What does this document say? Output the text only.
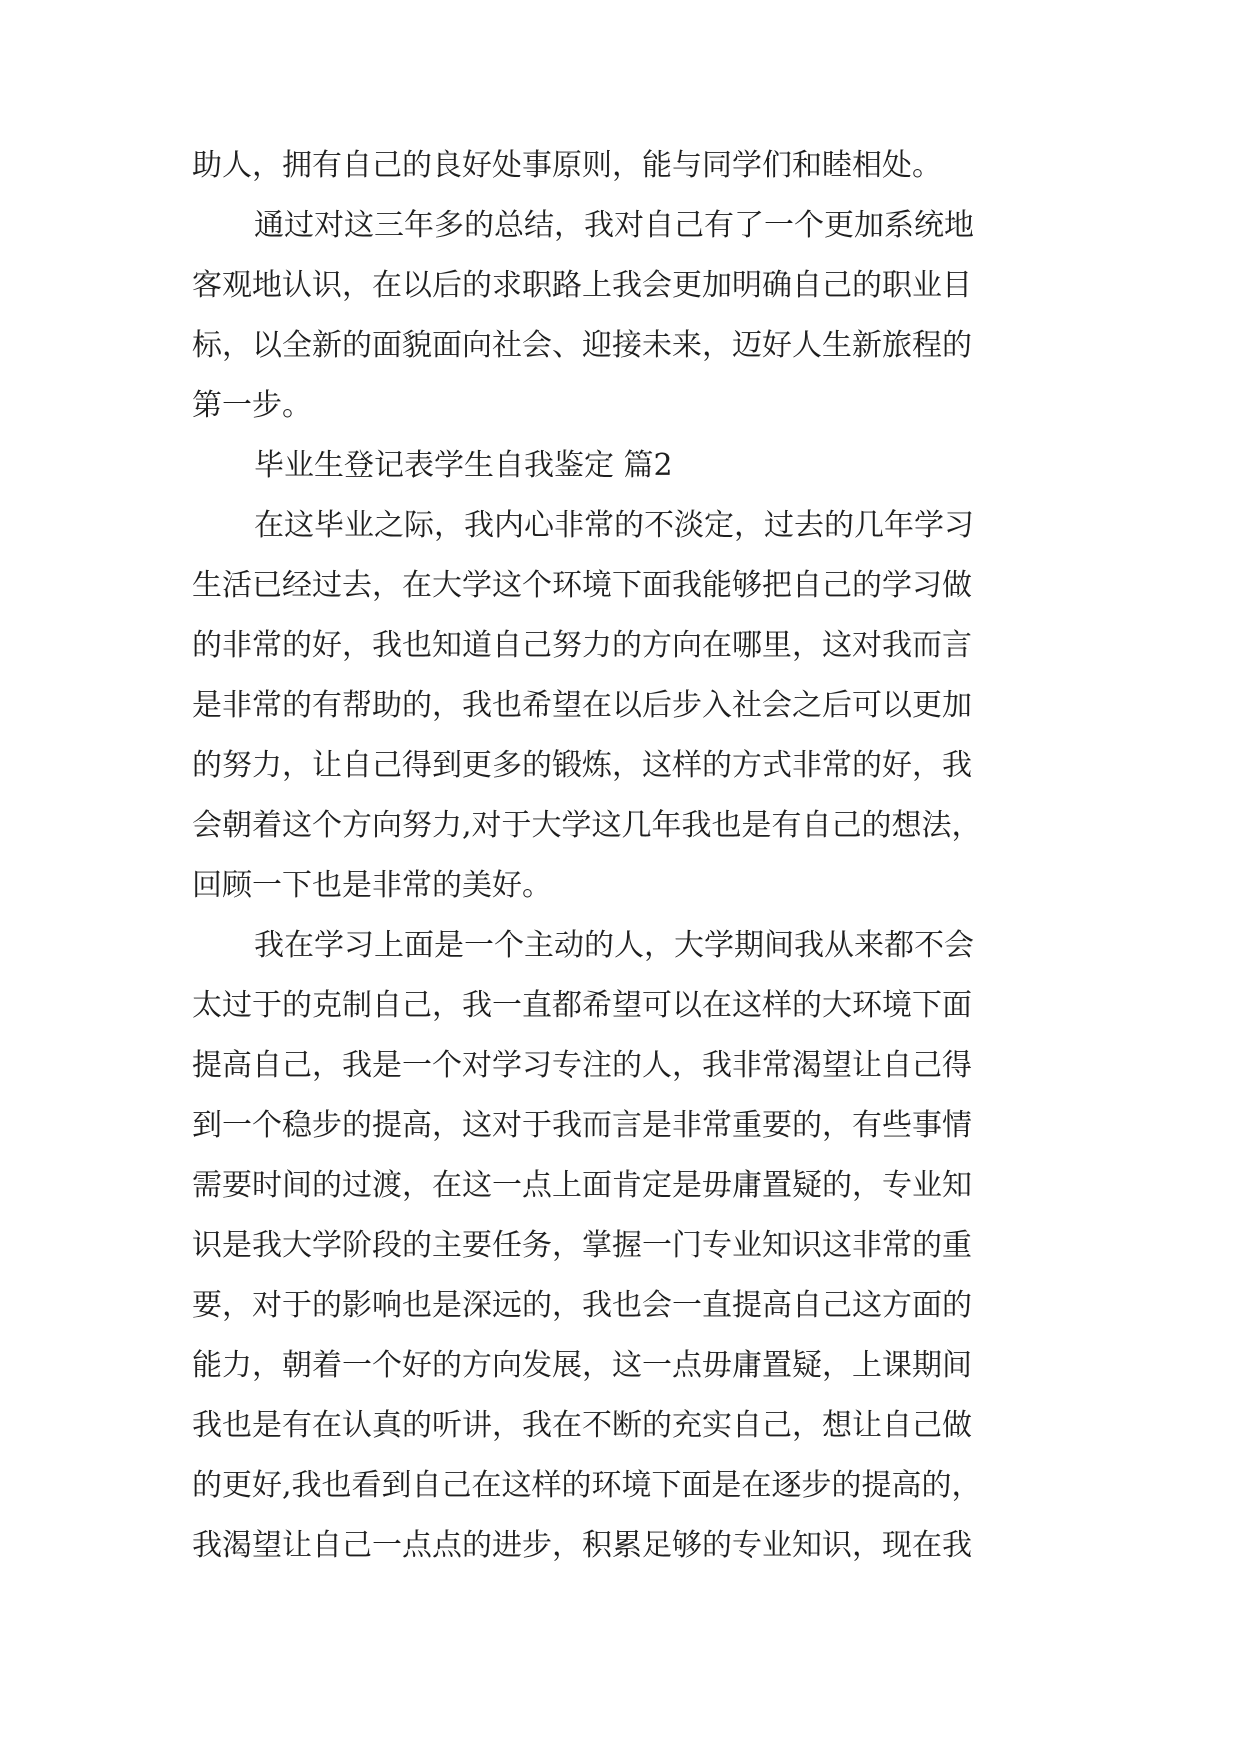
助人，拥有自己的良好处事原则，能与同学们和睦相处。
通过对这三年多的总结，我对自己有了一个更加系统地
客观地认识，在以后的求职路上我会更加明确自己的职业目
标，以全新的面貌面向社会、迎接未来，迈好人生新旅程的
第一步。
毕业生登记表学生自我鉴定 篇2
在这毕业之际，我内心非常的不淡定，过去的几年学习
生活已经过去，在大学这个环境下面我能够把自己的学习做
的非常的好，我也知道自己努力的方向在哪里，这对我而言
是非常的有帮助的，我也希望在以后步入社会之后可以更加
的努力，让自己得到更多的锻炼，这样的方式非常的好，我
会朝着这个方向努力,对于大学这几年我也是有自己的想法，
回顾一下也是非常的美好。
我在学习上面是一个主动的人，大学期间我从来都不会
太过于的克制自己，我一直都希望可以在这样的大环境下面
提高自己，我是一个对学习专注的人，我非常渴望让自己得
到一个稳步的提高，这对于我而言是非常重要的，有些事情
需要时间的过渡，在这一点上面肯定是毋庸置疑的，专业知
识是我大学阶段的主要任务，掌握一门专业知识这非常的重
要，对于的影响也是深远的，我也会一直提高自己这方面的
能力，朝着一个好的方向发展，这一点毋庸置疑，上课期间
我也是有在认真的听讲，我在不断的充实自己，想让自己做
的更好,我也看到自己在这样的环境下面是在逐步的提高的，
我渴望让自己一点点的进步，积累足够的专业知识，现在我
